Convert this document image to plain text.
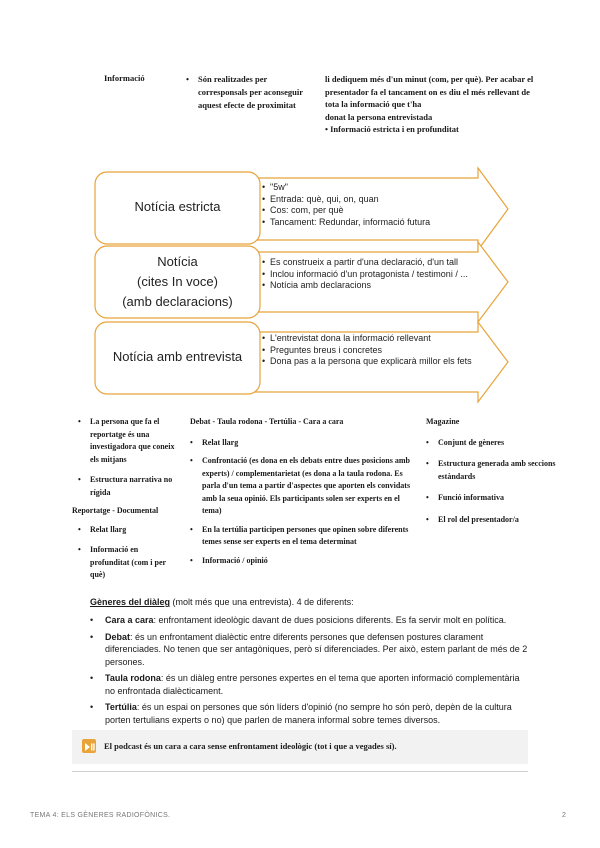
Informació	• Són realitzades per corresponsals per aconseguir aquest efecte de proximitat
li dediquem més d'un minut (com, per què). Per acabar el
presentador fa el tancament on es diu el més rellevant de
tota la informació que t'ha
donat la persona entrevistada
• Informació estricta i en profunditat
Notícia estricta
Notícia
(cites In voce)
(amb declaracions)
Notícia amb entrevista
• "5w"
• Entrada: què, qui, on, quan
• Cos: com, per què
• Tancament: Redundar, informació futura
• Es construeix a partir d'una declaració, d'un tall
• Inclou informació d'un protagonista / testimoni / ...
• Notícia amb declaracions
• L'entrevistat dona la informació rellevant
• Preguntes breus i concretes
• Dona pas a la persona que explicarà millor els fets
• La persona que fa el reportatge és una investigadora que coneix els mitjans
• Estructura narrativa no rígida
Reportatge - Documental
• Relat llarg
• Informació en profunditat (com i per què)
Debat - Taula rodona - Tertúlia - Cara a cara
• Relat llarg
• Confrontació (es dona en els debats entre dues posicions amb experts) / complementarietat (es dona a la taula rodona. Es parla d'un tema a partir d'aspectes que aporten els convidats amb la seua opinió. Els participants solen ser experts en el tema)
• En la tertúlia participen persones que opinen sobre diferents temes sense ser experts en el tema determinat
• Informació / opinió
Magazine
• Conjunt de gèneres
• Estructura generada amb seccions estàndards
• Funció informativa
• El rol del presentador/a
Gèneres del diàleg (molt més que una entrevista). 4 de diferents:
• Cara a cara: enfrontament ideològic davant de dues posicions diferents. Es fa servir molt en política.
• Debat: és un enfrontament dialèctic entre diferents persones que defensen postures clarament diferenciades. No tenen que ser antagòniques, però sí diferenciades. Per això, estem parlant de més de 2 persones.
• Taula rodona: és un diàleg entre persones expertes en el tema que aporten informació complementària no enfrontada dialècticament.
• Tertúlia: és un espai on persones que són líders d'opinió (no sempre ho són però, depèn de la cultura porten tertulians experts o no) que parlen de manera informal sobre temes diversos.
El podcast és un cara a cara sense enfrontament ideològic (tot i que a vegades sí).
TEMA 4: ELS GÈNERES RADIOFÒNICS.	2
